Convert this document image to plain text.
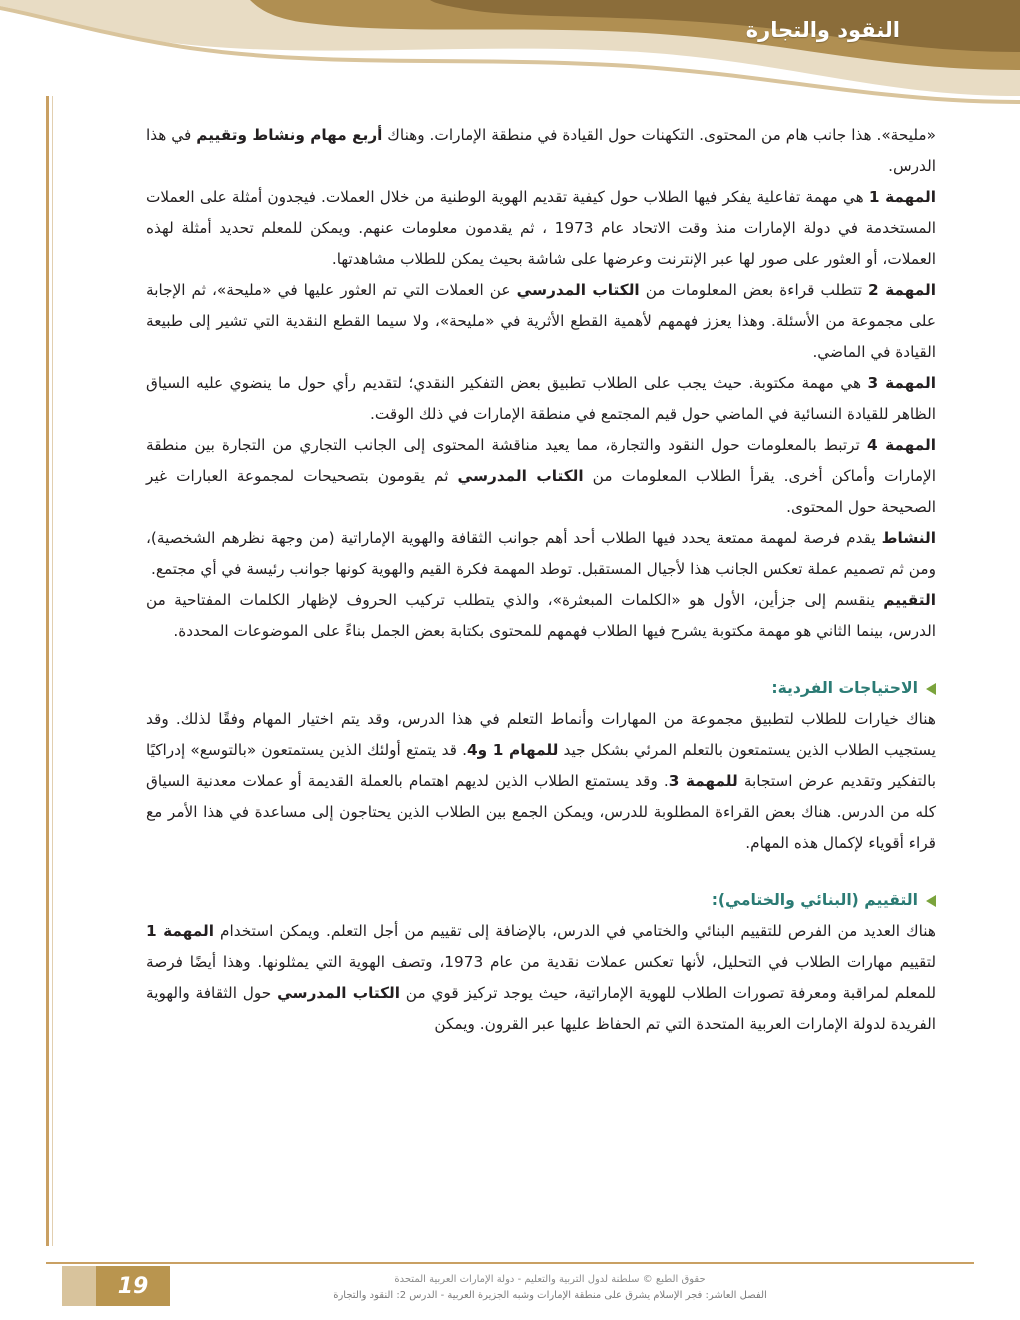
النقود والتجارة

«مليحة». هذا جانب هام من المحتوى. التكهنات حول القيادة في منطقة الإمارات. وهناك أربع مهام ونشاط وتقييم في هذا الدرس.

المهمة 1 هي مهمة تفاعلية يفكر فيها الطلاب حول كيفية تقديم الهوية الوطنية من خلال العملات. فيجدون أمثلة على العملات المستخدمة في دولة الإمارات منذ وقت الاتحاد عام 1973 ، ثم يقدمون معلومات عنهم. ويمكن للمعلم تحديد أمثلة لهذه العملات، أو العثور على صور لها عبر الإنترنت وعرضها على شاشة بحيث يمكن للطلاب مشاهدتها.

المهمة 2 تتطلب قراءة بعض المعلومات من الكتاب المدرسي عن العملات التي تم العثور عليها في «مليحة»، ثم الإجابة على مجموعة من الأسئلة. وهذا يعزز فهمهم لأهمية القطع الأثرية في «مليحة»، ولا سيما القطع النقدية التي تشير إلى طبيعة القيادة في الماضي.

المهمة 3 هي مهمة مكتوبة. حيث يجب على الطلاب تطبيق بعض التفكير النقدي؛ لتقديم رأي حول ما ينضوي عليه السياق الظاهر للقيادة النسائية في الماضي حول قيم المجتمع في منطقة الإمارات في ذلك الوقت.

المهمة 4 ترتبط بالمعلومات حول النقود والتجارة، مما يعيد مناقشة المحتوى إلى الجانب التجاري من التجارة بين منطقة الإمارات وأماكن أخرى. يقرأ الطلاب المعلومات من الكتاب المدرسي ثم يقومون بتصحيحات لمجموعة العبارات غير الصحيحة حول المحتوى.

النشاط يقدم فرصة لمهمة ممتعة يحدد فيها الطلاب أحد أهم جوانب الثقافة والهوية الإماراتية (من وجهة نظرهم الشخصية)، ومن ثم تصميم عملة تعكس الجانب هذا لأجيال المستقبل. توطد المهمة فكرة القيم والهوية كونها جوانب رئيسة في أي مجتمع.

التقييم ينقسم إلى جزأين، الأول هو «الكلمات المبعثرة»، والذي يتطلب تركيب الحروف لإظهار الكلمات المفتاحية من الدرس، بينما الثاني هو مهمة مكتوبة يشرح فيها الطلاب فهمهم للمحتوى بكتابة بعض الجمل بناءً على الموضوعات المحددة.

الاحتياجات الفردية:

هناك خيارات للطلاب لتطبيق مجموعة من المهارات وأنماط التعلم في هذا الدرس، وقد يتم اختيار المهام وفقًا لذلك. وقد يستجيب الطلاب الذين يستمتعون بالتعلم المرئي بشكل جيد للمهام 1 و4. قد يتمتع أولئك الذين يستمتعون «بالتوسع» إدراكيًا بالتفكير وتقديم عرض استجابة للمهمة 3. وقد يستمتع الطلاب الذين لديهم اهتمام بالعملة القديمة أو عملات معدنية السياق كله من الدرس. هناك بعض القراءة المطلوبة للدرس، ويمكن الجمع بين الطلاب الذين يحتاجون إلى مساعدة في هذا الأمر مع قراء أقوياء لإكمال هذه المهام.

التقييم (البنائي والختامي):

هناك العديد من الفرص للتقييم البنائي والختامي في الدرس، بالإضافة إلى تقييم من أجل التعلم. ويمكن استخدام المهمة 1 لتقييم مهارات الطلاب في التحليل، لأنها تعكس عملات نقدية من عام 1973، وتصف الهوية التي يمثلونها. وهذا أيضًا فرصة للمعلم لمراقبة ومعرفة تصورات الطلاب للهوية الإماراتية، حيث يوجد تركيز قوي من الكتاب المدرسي حول الثقافة والهوية الفريدة لدولة الإمارات العربية المتحدة التي تم الحفاظ عليها عبر القرون. ويمكن

19	حقوق الطبع © سلطنة لدول التربية والتعليم - دولة الإمارات العربية المتحدة
الفصل العاشر: فجر الإسلام يشرق على منطقة الإمارات وشبه الجزيرة العربية - الدرس 2: النقود والتجارة
